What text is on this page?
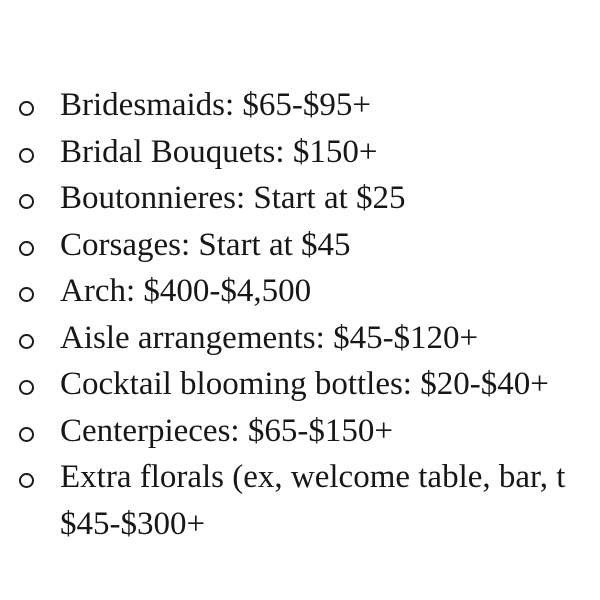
Bridesmaids: $65-$95+
Bridal Bouquets: $150+
Boutonnieres: Start at $25
Corsages: Start at $45
Arch: $400-$4,500
Aisle arrangements: $45-$120+
Cocktail blooming bottles: $20-$40+
Centerpieces: $65-$150+
Extra florals (ex, welcome table, bar, t
$45-$300+
